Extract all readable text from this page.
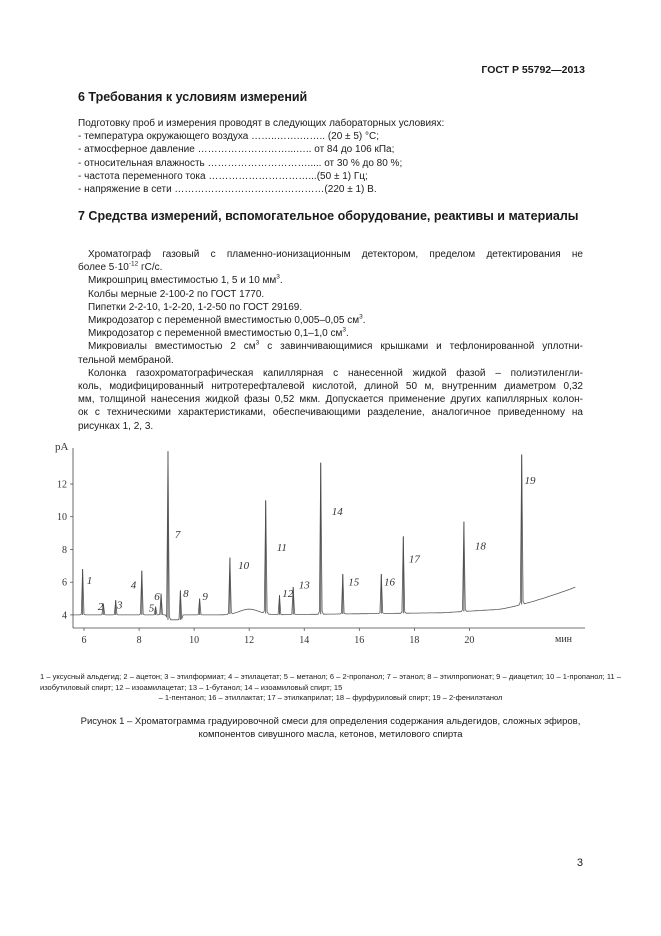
ГОСТ Р 55792—2013
6 Требования к условиям измерений
Подготовку проб и измерения проводят в следующих лабораторных условиях:
- температура окружающего воздуха ……..…….…….. (20 ± 5) °С;
- атмосферное давление ………………………...….. от 84 до 106 кПа;
- относительная влажность …………………………..... от 30 % до 80 %;
- частота переменного тока …………………………...(50 ± 1) Гц;
- напряжение в сети ………………………………………(220 ± 1) В.
7 Средства измерений, вспомогательное оборудование, реактивы и материалы
Хроматограф газовый с пламенно-ионизационным детектором, пределом детектирования не
более $5\cdot 10^{-12}$ гС/с.
Микрошприц вместимостью 1, 5 и 10 $мм^3$.
Колбы мерные 2-100-2 по ГОСТ 1770.
Пипетки 2-2-10, 1-2-20, 1-2-50 по ГОСТ 29169.
Микродозатор с переменной вместимостью 0,005–0,05 $см^3$.
Микродозатор с переменной вместимостью 0,1–1,0 $см^3$.
Микровиалы вместимостью 2 $см^3$ с завинчивающимися крышками и тефлонированной уплотни-
тельной мембраной.
Колонка газохроматографическая капиллярная с нанесенной жидкой фазой – полиэтиленгли-
коль, модифицированный нитротерефталевой кислотой, длиной 50 м, внутренним диаметром 0,32
мм, толщиной нанесения жидкой фазы 0,52 мкм. Допускается применение других капиллярных колон-
ок с техническими характеристиками, обеспечивающими разделение, аналогичное приведенному на
рисунках 1, 2, 3.
4
6
8
10
12
6	8	10	12	14	16	18	20
pA
мин
1
2 3
4
5
6
7
8 9
10
11
12
13
14
15 16
17
18
19
1 – уксусный альдегид; 2 – ацетон; 3 – этилформиат; 4 – этилацетат; 5 – метанол; 6 – 2-пропанол; 7 – этанол; 8 – этилпропионат; 9 – диацетил; 10 – 1-пропанол; 11 – изобутиловый спирт; 12 – изоамилацетат; 13 – 1-бутанол; 14 – изоамиловый спирт; 15
– 1-пентанол; 16 – этиллактат; 17 – этилкаприлат; 18 – фурфуриловый спирт; 19 – 2-фенилэтанол
Рисунок 1 – Хроматограмма градуировочной смеси для определения содержания альдегидов, сложных эфиров,
компонентов сивушного масла, кетонов, метилового спирта
3
